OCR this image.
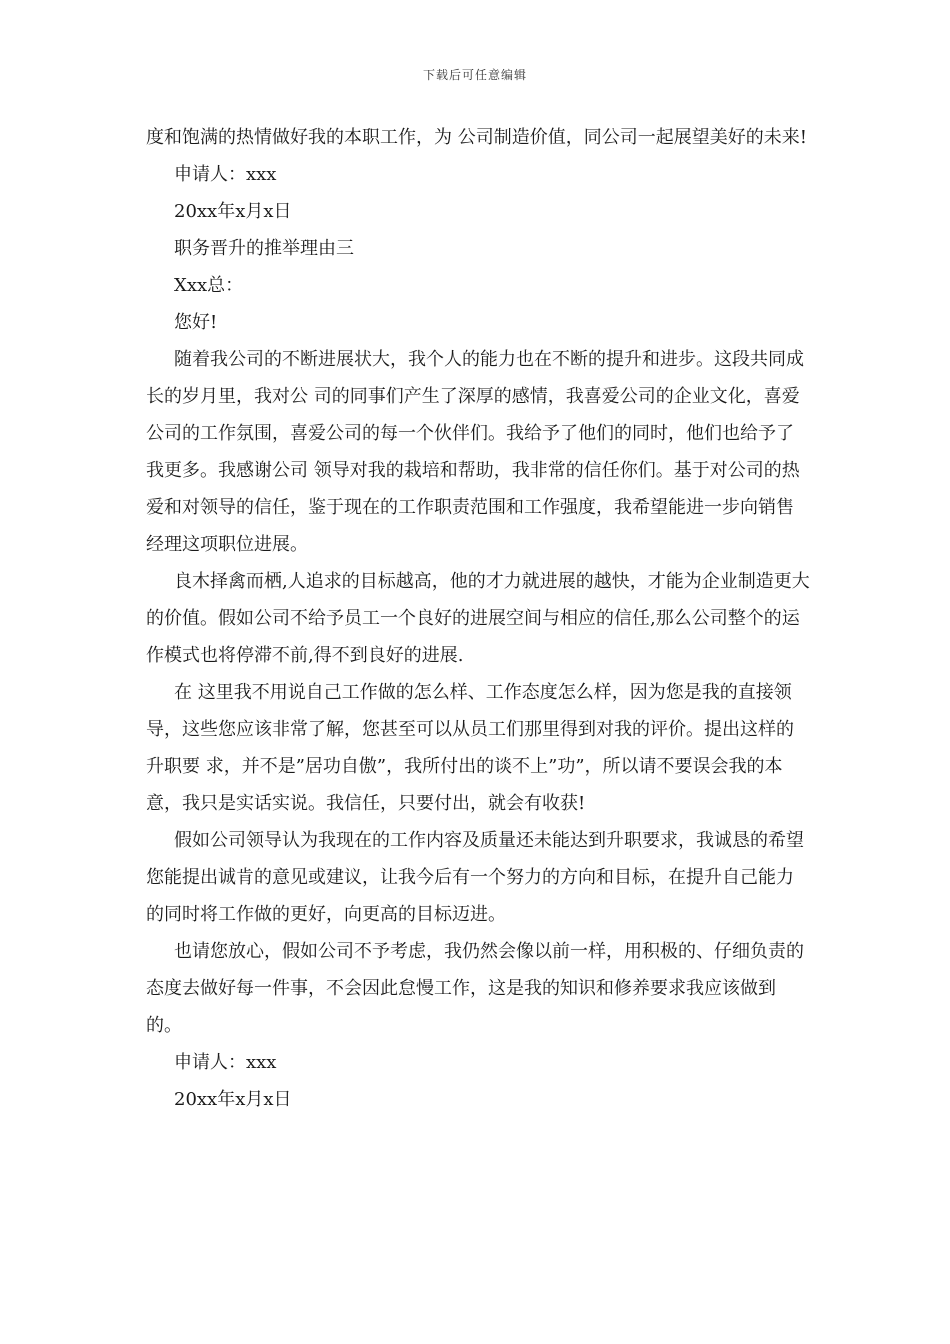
下载后可任意编辑

度和饱满的热情做好我的本职工作，为 公司制造价值，同公司一起展望美好的未来!

申请人：xxx

20xx年x月x日

职务晋升的推举理由三

Xxx总：

您好!

随着我公司的不断进展状大，我个人的能力也在不断的提升和进步。这段共同成长的岁月里，我对公 司的同事们产生了深厚的感情，我喜爱公司的企业文化，喜爱公司的工作氛围，喜爱公司的每一个伙伴们。我给予了他们的同时，他们也给予了我更多。我感谢公司 领导对我的栽培和帮助，我非常的信任你们。基于对公司的热爱和对领导的信任，鉴于现在的工作职责范围和工作强度，我希望能进一步向销售经理这项职位进展。

良木择禽而栖,人追求的目标越高，他的才力就进展的越快，才能为企业制造更大的价值。假如公司不给予员工一个良好的进展空间与相应的信任,那么公司整个的运作模式也将停滞不前,得不到良好的进展.

在 这里我不用说自己工作做的怎么样、工作态度怎么样，因为您是我的直接领导，这些您应该非常了解，您甚至可以从员工们那里得到对我的评价。提出这样的升职要 求，并不是”居功自傲”，我所付出的谈不上”功”，所以请不要误会我的本意，我只是实话实说。我信任，只要付出，就会有收获!

假如公司领导认为我现在的工作内容及质量还未能达到升职要求，我诚恳的希望您能提出诚肯的意见或建议，让我今后有一个努力的方向和目标，在提升自己能力的同时将工作做的更好，向更高的目标迈进。

也请您放心，假如公司不予考虑，我仍然会像以前一样，用积极的、仔细负责的态度去做好每一件事，不会因此怠慢工作，这是我的知识和修养要求我应该做到的。

申请人：xxx

20xx年x月x日
